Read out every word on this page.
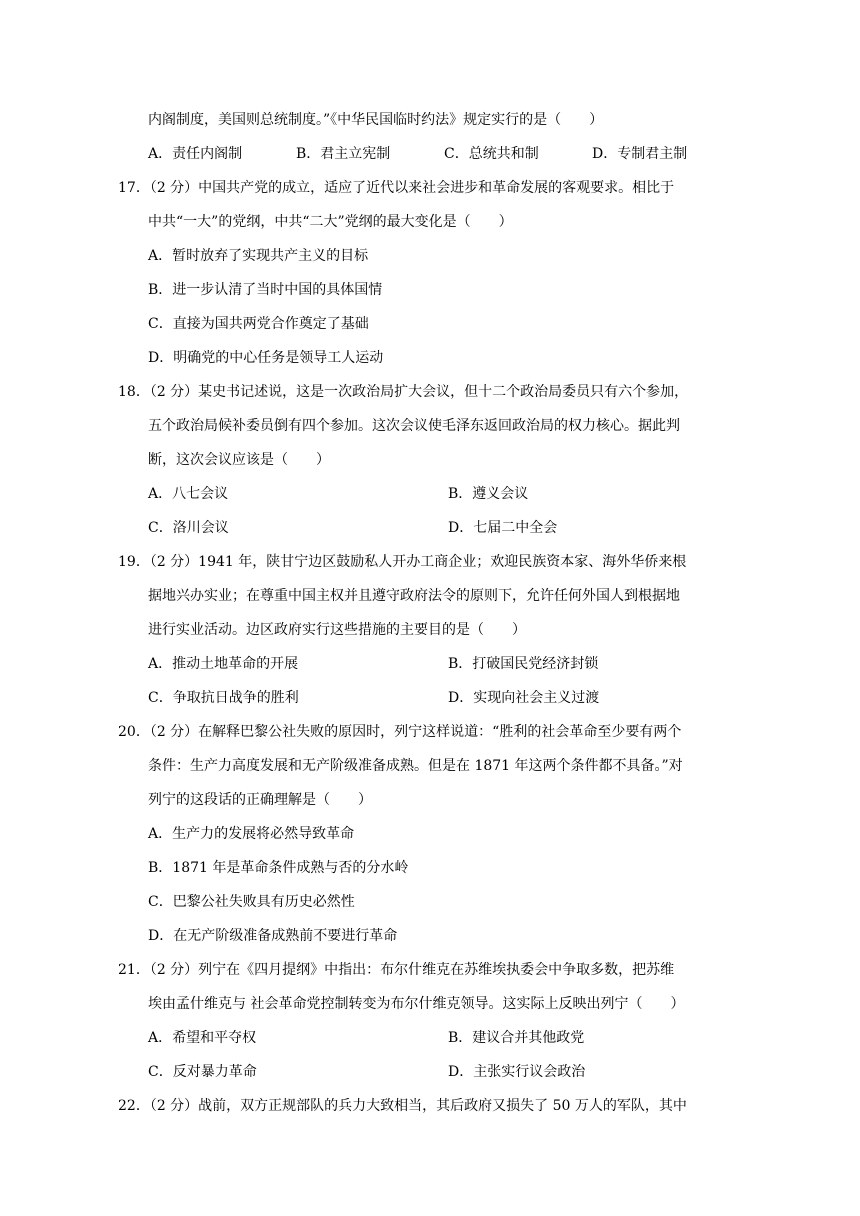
内阁制度，美国则总统制度。”《中华民国临时约法》规定实行的是（　　）
A．责任内阁制	B．君主立宪制	C．总统共和制	D．专制君主制
17．（2 分）中国共产党的成立，适应了近代以来社会进步和革命发展的客观要求。相比于
中共“一大”的党纲，中共“二大”党纲的最大变化是（　　）
A．暂时放弃了实现共产主义的目标
B．进一步认清了当时中国的具体国情
C．直接为国共两党合作奠定了基础
D．明确党的中心任务是领导工人运动
18．（2 分）某史书记述说，这是一次政治局扩大会议，但十二个政治局委员只有六个参加，
五个政治局候补委员倒有四个参加。这次会议使毛泽东返回政治局的权力核心。据此判
断，这次会议应该是（　　）
A．八七会议	B．遵义会议
C．洛川会议	D．七届二中全会
19．（2 分）1941 年，陕甘宁边区鼓励私人开办工商企业；欢迎民族资本家、海外华侨来根
据地兴办实业；在尊重中国主权并且遵守政府法令的原则下，允许任何外国人到根据地
进行实业活动。边区政府实行这些措施的主要目的是（　　）
A．推动土地革命的开展	B．打破国民党经济封锁
C．争取抗日战争的胜利	D．实现向社会主义过渡
20．（2 分）在解释巴黎公社失败的原因时，列宁这样说道：“胜利的社会革命至少要有两个
条件：生产力高度发展和无产阶级准备成熟。但是在 1871 年这两个条件都不具备。”对
列宁的这段话的正确理解是（　　）
A．生产力的发展将必然导致革命
B．1871 年是革命条件成熟与否的分水岭
C．巴黎公社失败具有历史必然性
D．在无产阶级准备成熟前不要进行革命
21．（2 分）列宁在《四月提纲》中指出：布尔什维克在苏维埃执委会中争取多数，把苏维
埃由孟什维克与 社会革命党控制转变为布尔什维克领导。这实际上反映出列宁（　　）
A．希望和平夺权	B．建议合并其他政党
C．反对暴力革命	D．主张实行议会政治
22．（2 分）战前，双方正规部队的兵力大致相当，其后政府又损失了 50 万人的军队，其中
